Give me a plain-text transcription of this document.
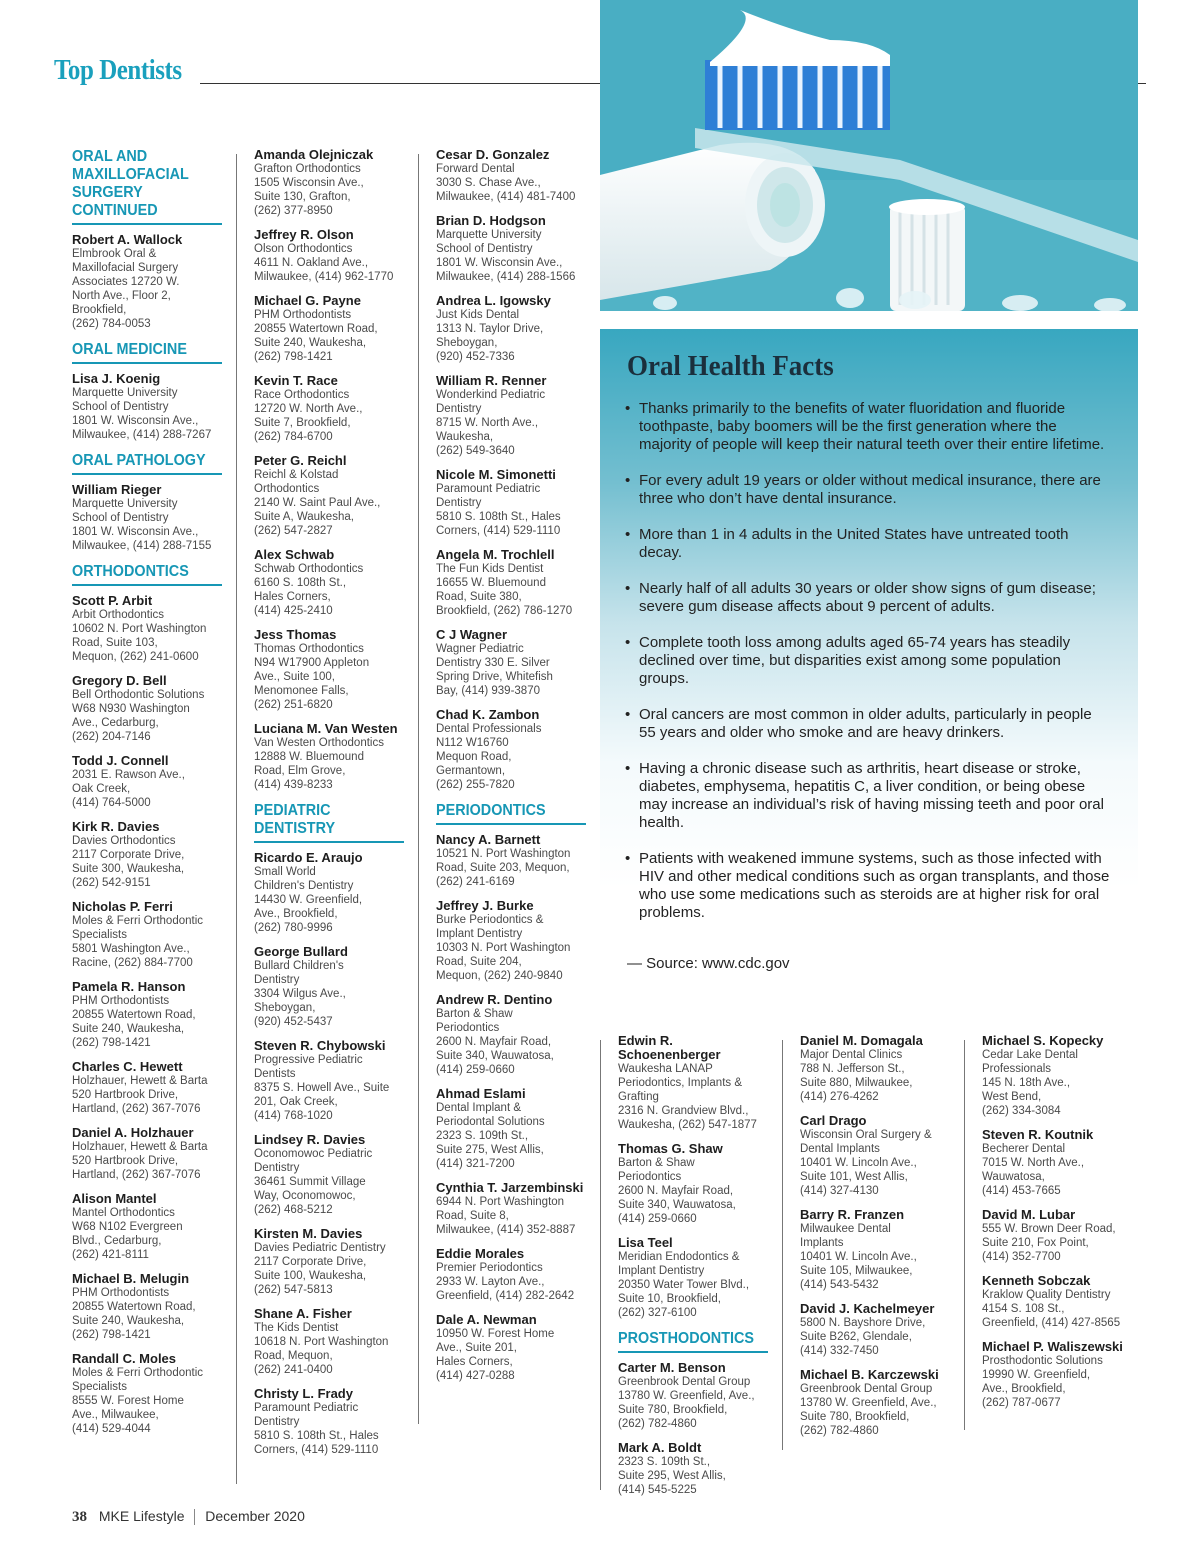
Top Dentists
Oral Health Facts
• Thanks primarily to the benefits of water fluoridation and fluoride toothpaste, baby boomers will be the first generation where the majority of people will keep their natural teeth over their entire lifetime.
• For every adult 19 years or older without medical insurance, there are three who don’t have dental insurance.
• More than 1 in 4 adults in the United States have untreated tooth decay.
• Nearly half of all adults 30 years or older show signs of gum disease; severe gum disease affects about 9 percent of adults.
• Complete tooth loss among adults aged 65-74 years has steadily declined over time, but disparities exist among some population groups.
• Oral cancers are most common in older adults, particularly in people 55 years and older who smoke and are heavy drinkers.
• Having a chronic disease such as arthritis, heart disease or stroke, diabetes, emphysema, hepatitis C, a liver condition, or being obese may increase an individual’s risk of having missing teeth and poor oral health.
• Patients with weakened immune systems, such as those infected with HIV and other medical conditions such as organ transplants, and those who use some medications such as steroids are at higher risk for oral problems.
— Source: www.cdc.gov
ORAL AND MAXILLOFACIAL SURGERY CONTINUED
Robert A. Wallock
Elmbrook Oral &
Maxillofacial Surgery
Associates 12720 W.
North Ave., Floor 2,
Brookfield,
(262) 784-0053
ORAL MEDICINE
Lisa J. Koenig
Marquette University
School of Dentistry
1801 W. Wisconsin Ave.,
Milwaukee, (414) 288-7267
ORAL PATHOLOGY
William Rieger
Marquette University
School of Dentistry
1801 W. Wisconsin Ave.,
Milwaukee, (414) 288-7155
ORTHODONTICS
Scott P. Arbit
Arbit Orthodontics
10602 N. Port Washington
Road, Suite 103,
Mequon, (262) 241-0600
Gregory D. Bell
Bell Orthodontic Solutions
W68 N930 Washington
Ave., Cedarburg,
(262) 204-7146
Todd J. Connell
2031 E. Rawson Ave.,
Oak Creek,
(414) 764-5000
Kirk R. Davies
Davies Orthodontics
2117 Corporate Drive,
Suite 300, Waukesha,
(262) 542-9151
Nicholas P. Ferri
Moles & Ferri Orthodontic
Specialists
5801 Washington Ave.,
Racine, (262) 884-7700
Pamela R. Hanson
PHM Orthodontists
20855 Watertown Road,
Suite 240, Waukesha,
(262) 798-1421
Charles C. Hewett
Holzhauer, Hewett & Barta
520 Hartbrook Drive,
Hartland, (262) 367-7076
Daniel A. Holzhauer
Holzhauer, Hewett & Barta
520 Hartbrook Drive,
Hartland, (262) 367-7076
Alison Mantel
Mantel Orthodontics
W68 N102 Evergreen
Blvd., Cedarburg,
(262) 421-8111
Michael B. Melugin
PHM Orthodontists
20855 Watertown Road,
Suite 240, Waukesha,
(262) 798-1421
Randall C. Moles
Moles & Ferri Orthodontic
Specialists
8555 W. Forest Home
Ave., Milwaukee,
(414) 529-4044
Amanda Olejniczak
Grafton Orthodontics
1505 Wisconsin Ave.,
Suite 130, Grafton,
(262) 377-8950
Jeffrey R. Olson
Olson Orthodontics
4611 N. Oakland Ave.,
Milwaukee, (414) 962-1770
Michael G. Payne
PHM Orthodontists
20855 Watertown Road,
Suite 240, Waukesha,
(262) 798-1421
Kevin T. Race
Race Orthodontics
12720 W. North Ave.,
Suite 7, Brookfield,
(262) 784-6700
Peter G. Reichl
Reichl & Kolstad
Orthodontics
2140 W. Saint Paul Ave.,
Suite A, Waukesha,
(262) 547-2827
Alex Schwab
Schwab Orthodontics
6160 S. 108th St.,
Hales Corners,
(414) 425-2410
Jess Thomas
Thomas Orthodontics
N94 W17900 Appleton
Ave., Suite 100,
Menomonee Falls,
(262) 251-6820
Luciana M. Van Westen
Van Westen Orthodontics
12888 W. Bluemound
Road, Elm Grove,
(414) 439-8233
PEDIATRIC DENTISTRY
Ricardo E. Araujo
Small World
Children's Dentistry
14430 W. Greenfield,
Ave., Brookfield,
(262) 780-9996
George Bullard
Bullard Children's
Dentistry
3304 Wilgus Ave.,
Sheboygan,
(920) 452-5437
Steven R. Chybowski
Progressive Pediatric
Dentists
8375 S. Howell Ave., Suite
201, Oak Creek,
(414) 768-1020
Lindsey R. Davies
Oconomowoc Pediatric
Dentistry
36461 Summit Village
Way, Oconomowoc,
(262) 468-5212
Kirsten M. Davies
Davies Pediatric Dentistry
2117 Corporate Drive,
Suite 100, Waukesha,
(262) 547-5813
Shane A. Fisher
The Kids Dentist
10618 N. Port Washington
Road, Mequon,
(262) 241-0400
Christy L. Frady
Paramount Pediatric
Dentistry
5810 S. 108th St., Hales
Corners, (414) 529-1110
Cesar D. Gonzalez
Forward Dental
3030 S. Chase Ave.,
Milwaukee, (414) 481-7400
Brian D. Hodgson
Marquette University
School of Dentistry
1801 W. Wisconsin Ave.,
Milwaukee, (414) 288-1566
Andrea L. Igowsky
Just Kids Dental
1313 N. Taylor Drive,
Sheboygan,
(920) 452-7336
William R. Renner
Wonderkind Pediatric
Dentistry
8715 W. North Ave.,
Waukesha,
(262) 549-3640
Nicole M. Simonetti
Paramount Pediatric
Dentistry
5810 S. 108th St., Hales
Corners, (414) 529-1110
Angela M. Trochlell
The Fun Kids Dentist
16655 W. Bluemound
Road, Suite 380,
Brookfield, (262) 786-1270
C J Wagner
Wagner Pediatric
Dentistry 330 E. Silver
Spring Drive, Whitefish
Bay, (414) 939-3870
Chad K. Zambon
Dental Professionals
N112 W16760
Mequon Road,
Germantown,
(262) 255-7820
PERIODONTICS
Nancy A. Barnett
10521 N. Port Washington
Road, Suite 203, Mequon,
(262) 241-6169
Jeffrey J. Burke
Burke Periodontics &
Implant Dentistry
10303 N. Port Washington
Road, Suite 204,
Mequon, (262) 240-9840
Andrew R. Dentino
Barton & Shaw
Periodontics
2600 N. Mayfair Road,
Suite 340, Wauwatosa,
(414) 259-0660
Ahmad Eslami
Dental Implant &
Periodontal Solutions
2323 S. 109th St.,
Suite 275, West Allis,
(414) 321-7200
Cynthia T. Jarzembinski
6944 N. Port Washington
Road, Suite 8,
Milwaukee, (414) 352-8887
Eddie Morales
Premier Periodontics
2933 W. Layton Ave.,
Greenfield, (414) 282-2642
Dale A. Newman
10950 W. Forest Home
Ave., Suite 201,
Hales Corners,
(414) 427-0288
Edwin R. Schoenenberger
Waukesha LANAP
Periodontics, Implants &
Grafting
2316 N. Grandview Blvd.,
Waukesha, (262) 547-1877
Thomas G. Shaw
Barton & Shaw
Periodontics
2600 N. Mayfair Road,
Suite 340, Wauwatosa,
(414) 259-0660
Lisa Teel
Meridian Endodontics &
Implant Dentistry
20350 Water Tower Blvd.,
Suite 10, Brookfield,
(262) 327-6100
PROSTHODONTICS
Carter M. Benson
Greenbrook Dental Group
13780 W. Greenfield, Ave.,
Suite 780, Brookfield,
(262) 782-4860
Mark A. Boldt
2323 S. 109th St.,
Suite 295, West Allis,
(414) 545-5225
Daniel M. Domagala
Major Dental Clinics
788 N. Jefferson St.,
Suite 880, Milwaukee,
(414) 276-4262
Carl Drago
Wisconsin Oral Surgery &
Dental Implants
10401 W. Lincoln Ave.,
Suite 101, West Allis,
(414) 327-4130
Barry R. Franzen
Milwaukee Dental
Implants
10401 W. Lincoln Ave.,
Suite 105, Milwaukee,
(414) 543-5432
David J. Kachelmeyer
5800 N. Bayshore Drive,
Suite B262, Glendale,
(414) 332-7450
Michael B. Karczewski
Greenbrook Dental Group
13780 W. Greenfield, Ave.,
Suite 780, Brookfield,
(262) 782-4860
Michael S. Kopecky
Cedar Lake Dental
Professionals
145 N. 18th Ave.,
West Bend,
(262) 334-3084
Steven R. Koutnik
Becherer Dental
7015 W. North Ave.,
Wauwatosa,
(414) 453-7665
David M. Lubar
555 W. Brown Deer Road,
Suite 210, Fox Point,
(414) 352-7700
Kenneth Sobczak
Kraklow Quality Dentistry
4154 S. 108 St.,
Greenfield, (414) 427-8565
Michael P. Waliszewski
Prosthodontic Solutions
19990 W. Greenfield,
Ave., Brookfield,
(262) 787-0677
38 MKE Lifestyle December 2020
